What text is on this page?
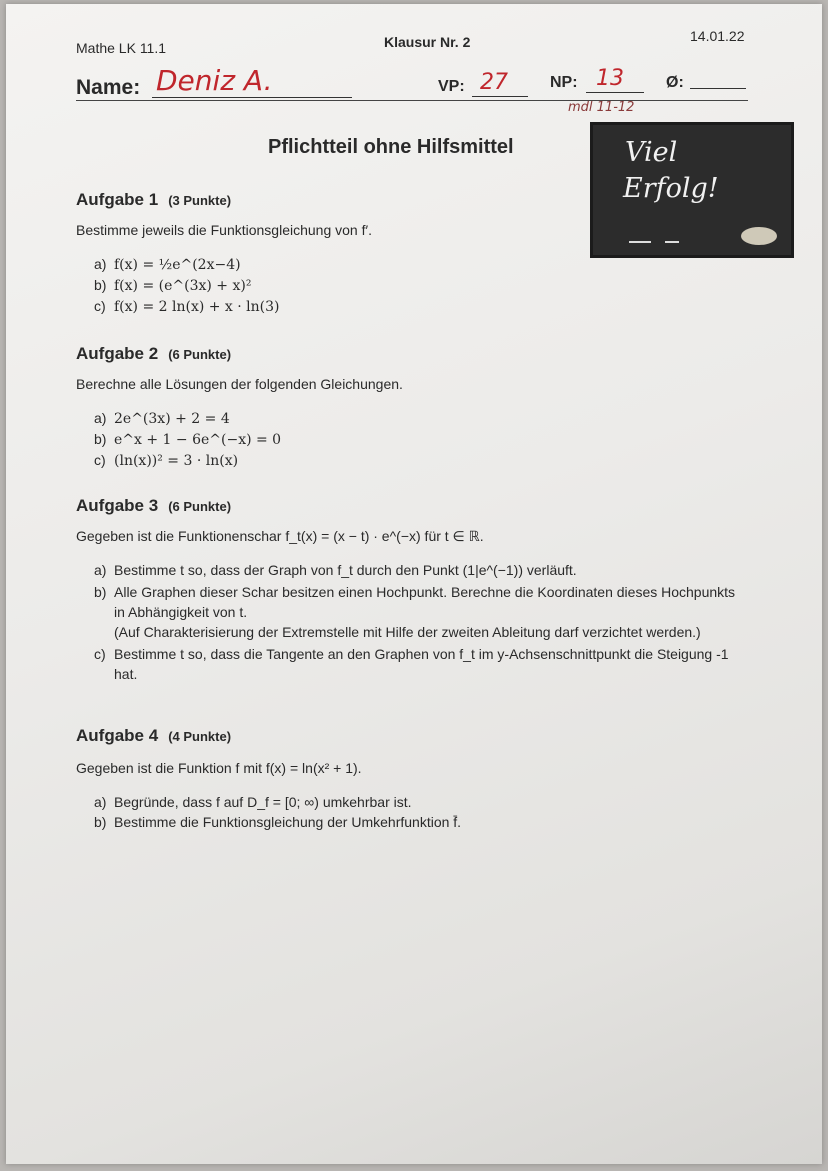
Mathe LK 11.1	Klausur Nr. 2	14.01.22
Name: Deniz A.	VP: 27	NP: 13	Ø:
mdl 11-12
Pflichtteil ohne Hilfsmittel	Viel
Erfolg!
Aufgabe 1 (3 Punkte)
Bestimme jeweils die Funktionsgleichung von f′.
a) f(x) = ½e^(2x−4)
b) f(x) = (e^(3x) + x)²
c) f(x) = 2 ln(x) + x · ln(3)
Aufgabe 2 (6 Punkte)
Berechne alle Lösungen der folgenden Gleichungen.
a) 2e^(3x) + 2 = 4
b) e^x + 1 − 6e^(−x) = 0
c) (ln(x))² = 3 · ln(x)
Aufgabe 3 (6 Punkte)
Gegeben ist die Funktionenschar f_t(x) = (x − t) · e^(−x) für t ∈ ℝ.
a) Bestimme t so, dass der Graph von f_t durch den Punkt (1|e^(−1)) verläuft.
b) Alle Graphen dieser Schar besitzen einen Hochpunkt. Berechne die Koordinaten dieses Hochpunkts in Abhängigkeit von t.
(Auf Charakterisierung der Extremstelle mit Hilfe der zweiten Ableitung darf verzichtet werden.)
c) Bestimme t so, dass die Tangente an den Graphen von f_t im y-Achsenschnittpunkt die Steigung -1 hat.
Aufgabe 4 (4 Punkte)
Gegeben ist die Funktion f mit f(x) = ln(x² + 1).
a) Begründe, dass f auf D_f = [0; ∞) umkehrbar ist.
b) Bestimme die Funktionsgleichung der Umkehrfunktion f̄.
